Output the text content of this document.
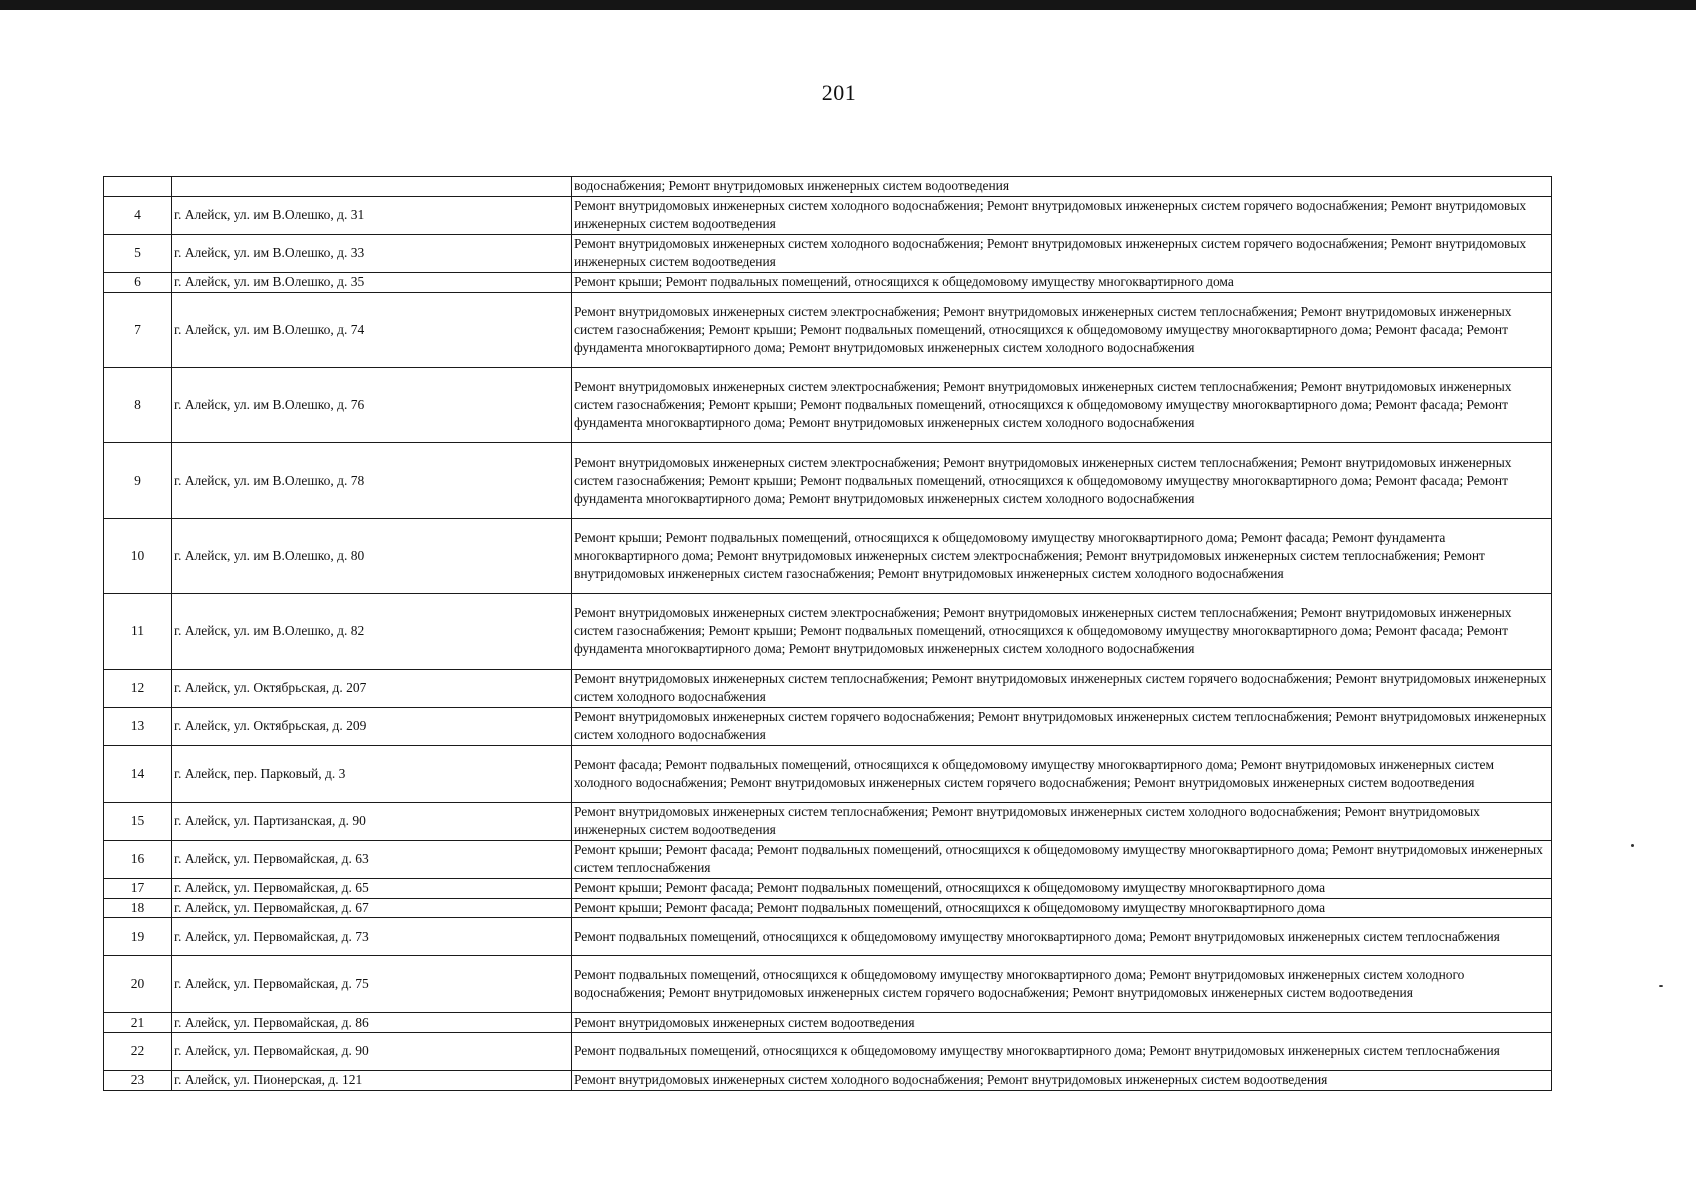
201
		водоснабжения; Ремонт внутридомовых инженерных систем водоотведения
4	г. Алейск, ул. им В.Олешко, д. 31	Ремонт внутридомовых инженерных систем холодного водоснабжения; Ремонт внутридомовых инженерных систем горячего водоснабжения; Ремонт внутридомовых инженерных систем водоотведения
5	г. Алейск, ул. им В.Олешко, д. 33	Ремонт внутридомовых инженерных систем холодного водоснабжения; Ремонт внутридомовых инженерных систем горячего водоснабжения; Ремонт внутридомовых инженерных систем водоотведения
6	г. Алейск, ул. им В.Олешко, д. 35	Ремонт крыши; Ремонт подвальных помещений, относящихся к общедомовому имуществу многоквартирного дома
7	г. Алейск, ул. им В.Олешко, д. 74	Ремонт внутридомовых инженерных систем электроснабжения; Ремонт внутридомовых инженерных систем теплоснабжения; Ремонт внутридомовых инженерных систем газоснабжения; Ремонт крыши; Ремонт подвальных помещений, относящихся к общедомовому имуществу многоквартирного дома; Ремонт фасада; Ремонт фундамента многоквартирного дома; Ремонт внутридомовых инженерных систем холодного водоснабжения
8	г. Алейск, ул. им В.Олешко, д. 76	Ремонт внутридомовых инженерных систем электроснабжения; Ремонт внутридомовых инженерных систем теплоснабжения; Ремонт внутридомовых инженерных систем газоснабжения; Ремонт крыши; Ремонт подвальных помещений, относящихся к общедомовому имуществу многоквартирного дома; Ремонт фасада; Ремонт фундамента многоквартирного дома; Ремонт внутридомовых инженерных систем холодного водоснабжения
9	г. Алейск, ул. им В.Олешко, д. 78	Ремонт внутридомовых инженерных систем электроснабжения; Ремонт внутридомовых инженерных систем теплоснабжения; Ремонт внутридомовых инженерных систем газоснабжения; Ремонт крыши; Ремонт подвальных помещений, относящихся к общедомовому имуществу многоквартирного дома; Ремонт фасада; Ремонт фундамента многоквартирного дома; Ремонт внутридомовых инженерных систем холодного водоснабжения
10	г. Алейск, ул. им В.Олешко, д. 80	Ремонт крыши; Ремонт подвальных помещений, относящихся к общедомовому имуществу многоквартирного дома; Ремонт фасада; Ремонт фундамента многоквартирного дома; Ремонт внутридомовых инженерных систем электроснабжения; Ремонт внутридомовых инженерных систем теплоснабжения; Ремонт внутридомовых инженерных систем газоснабжения; Ремонт внутридомовых инженерных систем холодного водоснабжения
11	г. Алейск, ул. им В.Олешко, д. 82	Ремонт внутридомовых инженерных систем электроснабжения; Ремонт внутридомовых инженерных систем теплоснабжения; Ремонт внутридомовых инженерных систем газоснабжения; Ремонт крыши; Ремонт подвальных помещений, относящихся к общедомовому имуществу многоквартирного дома; Ремонт фасада; Ремонт фундамента многоквартирного дома; Ремонт внутридомовых инженерных систем холодного водоснабжения
12	г. Алейск, ул. Октябрьская, д. 207	Ремонт внутридомовых инженерных систем теплоснабжения; Ремонт внутридомовых инженерных систем горячего водоснабжения; Ремонт внутридомовых инженерных систем холодного водоснабжения
13	г. Алейск, ул. Октябрьская, д. 209	Ремонт внутридомовых инженерных систем горячего водоснабжения; Ремонт внутридомовых инженерных систем теплоснабжения; Ремонт внутридомовых инженерных систем холодного водоснабжения
14	г. Алейск, пер. Парковый, д. 3	Ремонт фасада; Ремонт подвальных помещений, относящихся к общедомовому имуществу многоквартирного дома; Ремонт внутридомовых инженерных систем холодного водоснабжения; Ремонт внутридомовых инженерных систем горячего водоснабжения; Ремонт внутридомовых инженерных систем водоотведения
15	г. Алейск, ул. Партизанская, д. 90	Ремонт внутридомовых инженерных систем теплоснабжения; Ремонт внутридомовых инженерных систем холодного водоснабжения; Ремонт внутридомовых инженерных систем водоотведения
16	г. Алейск, ул. Первомайская, д. 63	Ремонт крыши; Ремонт фасада; Ремонт подвальных помещений, относящихся к общедомовому имуществу многоквартирного дома; Ремонт внутридомовых инженерных систем теплоснабжения
17	г. Алейск, ул. Первомайская, д. 65	Ремонт крыши; Ремонт фасада; Ремонт подвальных помещений, относящихся к общедомовому имуществу многоквартирного дома
18	г. Алейск, ул. Первомайская, д. 67	Ремонт крыши; Ремонт фасада; Ремонт подвальных помещений, относящихся к общедомовому имуществу многоквартирного дома
19	г. Алейск, ул. Первомайская, д. 73	Ремонт подвальных помещений, относящихся к общедомовому имуществу многоквартирного дома; Ремонт внутридомовых инженерных систем теплоснабжения
20	г. Алейск, ул. Первомайская, д. 75	Ремонт подвальных помещений, относящихся к общедомовому имуществу многоквартирного дома; Ремонт внутридомовых инженерных систем холодного водоснабжения; Ремонт внутридомовых инженерных систем горячего водоснабжения; Ремонт внутридомовых инженерных систем водоотведения
21	г. Алейск, ул. Первомайская, д. 86	Ремонт внутридомовых инженерных систем водоотведения
22	г. Алейск, ул. Первомайская, д. 90	Ремонт подвальных помещений, относящихся к общедомовому имуществу многоквартирного дома; Ремонт внутридомовых инженерных систем теплоснабжения
23	г. Алейск, ул. Пионерская, д. 121	Ремонт внутридомовых инженерных систем холодного водоснабжения; Ремонт внутридомовых инженерных систем водоотведения
